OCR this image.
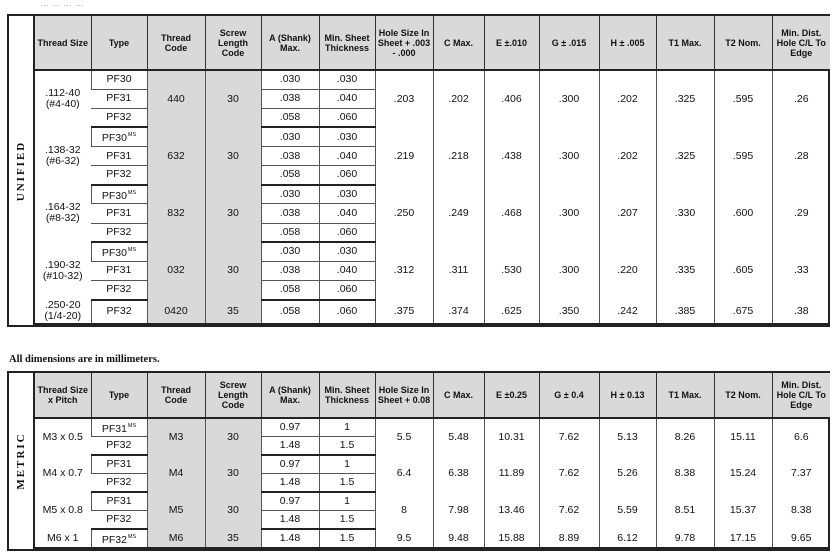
… … … …
UNIFIED
Thread Size	Type	Thread Code	Screw Length Code	A (Shank) Max.	Min. Sheet Thickness	Hole Size In Sheet + .003 - .000	C Max.	E ±.010	G ± .015	H ± .005	T1 Max.	T2 Nom.	Min. Dist. Hole C/L To Edge
.112-40 (#4-40)	PF30	440	30	.030	.030	.203	.202	.406	.300	.202	.325	.595	.26
	PF31			.038	.040								
	PF32			.058	.060								
.138-32 (#6-32)	$PF30^{MS}$	632	30	.030	.030	.219	.218	.438	.300	.202	.325	.595	.28
	PF31			.038	.040								
	PF32			.058	.060								
.164-32 (#8-32)	$PF30^{MS}$	832	30	.030	.030	.250	.249	.468	.300	.207	.330	.600	.29
	PF31			.038	.040								
	PF32			.058	.060								
.190-32 (#10-32)	$PF30^{MS}$	032	30	.030	.030	.312	.311	.530	.300	.220	.335	.605	.33
	PF31			.038	.040								
	PF32			.058	.060								
.250-20 (1/4-20)	PF32	0420	35	.058	.060	.375	.374	.625	.350	.242	.385	.675	.38
All dimensions are in millimeters.
METRIC
Thread Size x Pitch	Type	Thread Code	Screw Length Code	A (Shank) Max.	Min. Sheet Thickness	Hole Size In Sheet + 0.08	C Max.	E ±0.25	G ± 0.4	H ± 0.13	T1 Max.	T2 Nom.	Min. Dist. Hole C/L To Edge
M3 x 0.5	$PF31^{MS}$	M3	30	0.97	1	5.5	5.48	10.31	7.62	5.13	8.26	15.11	6.6
	PF32			1.48	1.5								
M4 x 0.7	PF31	M4	30	0.97	1	6.4	6.38	11.89	7.62	5.26	8.38	15.24	7.37
	PF32			1.48	1.5								
M5 x 0.8	PF31	M5	30	0.97	1	8	7.98	13.46	7.62	5.59	8.51	15.37	8.38
	PF32			1.48	1.5								
M6 x 1	$PF32^{MS}$	M6	35	1.48	1.5	9.5	9.48	15.88	8.89	6.12	9.78	17.15	9.65
